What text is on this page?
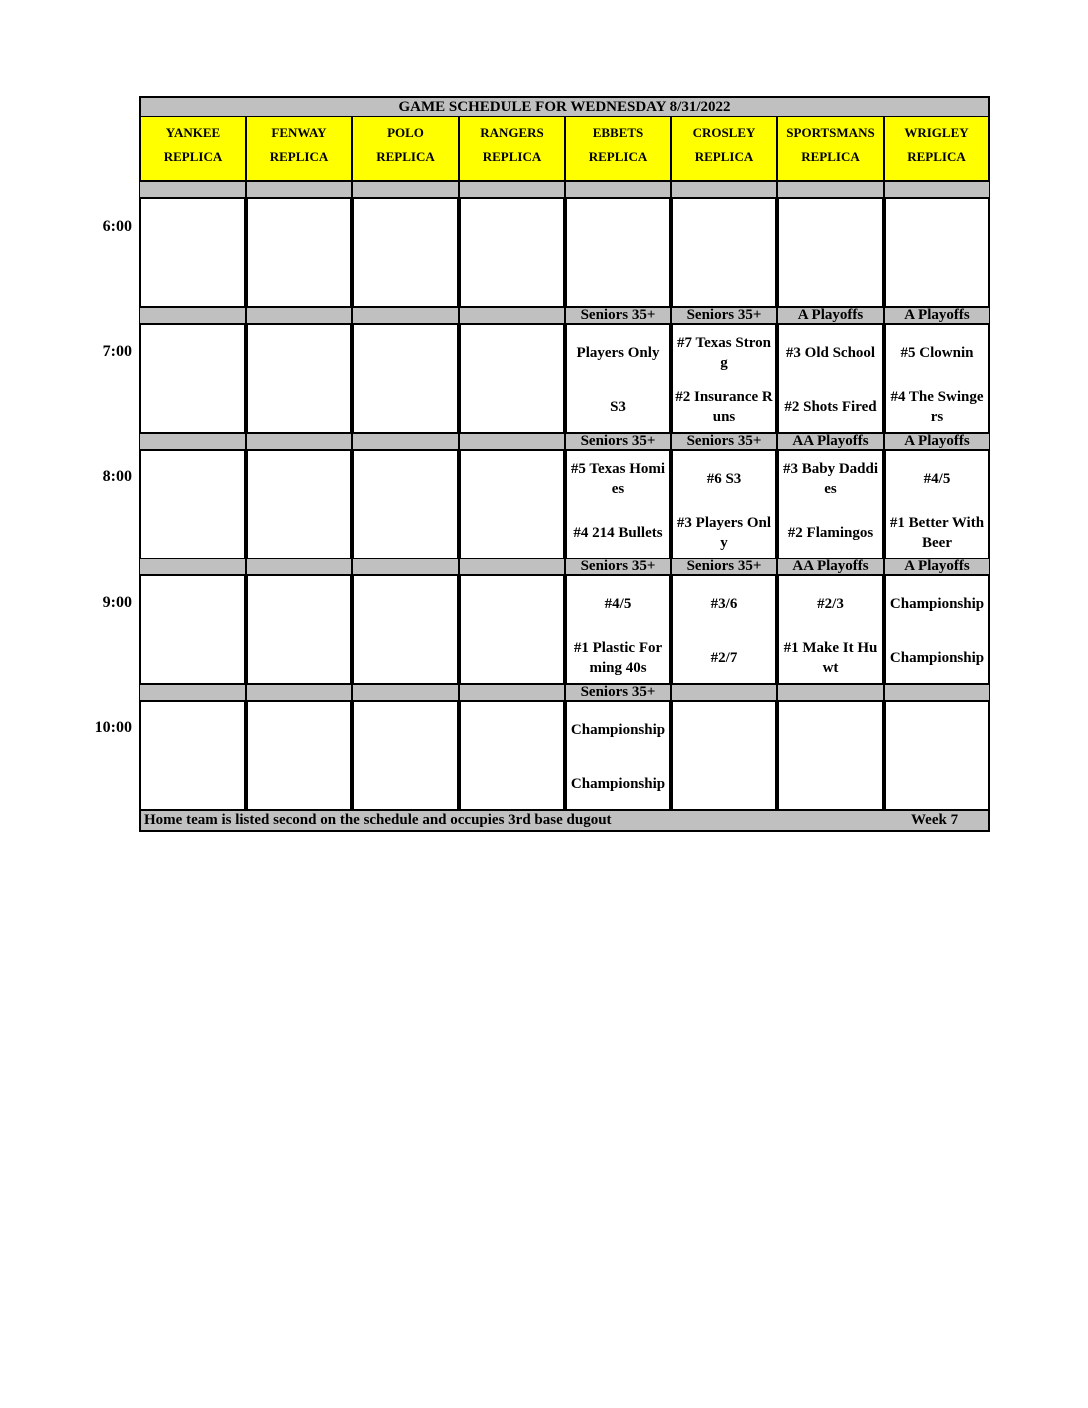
GAME SCHEDULE FOR WEDNESDAY 8/31/2022
YANKEE
REPLICA
FENWAY
REPLICA
POLO
REPLICA
RANGERS
REPLICA
EBBETS
REPLICA
CROSLEY
REPLICA
SPORTSMANS
REPLICA
WRIGLEY
REPLICA
6:00
7:00
Seniors 35+
Players Only
S3
Seniors 35+
#7 Texas Strong
#2 Insurance Runs
A Playoffs
#3 Old School
#2 Shots Fired
A Playoffs
#5 Clownin
#4 The Swingers
8:00
Seniors 35+
#5 Texas Homies
#4 214 Bullets
Seniors 35+
#6 S3
#3 Players Only
AA Playoffs
#3 Baby Daddies
#2 Flamingos
A Playoffs
#4/5
#1 Better With Beer
9:00
Seniors 35+
#4/5
#1 Plastic Forming 40s
Seniors 35+
#3/6
#2/7
AA Playoffs
#2/3
#1 Make It Huwt
A Playoffs
Championship
Championship
10:00
Seniors 35+
Championship
Championship
Home team is listed second on the schedule and occupies 3rd base dugout	Week 7
